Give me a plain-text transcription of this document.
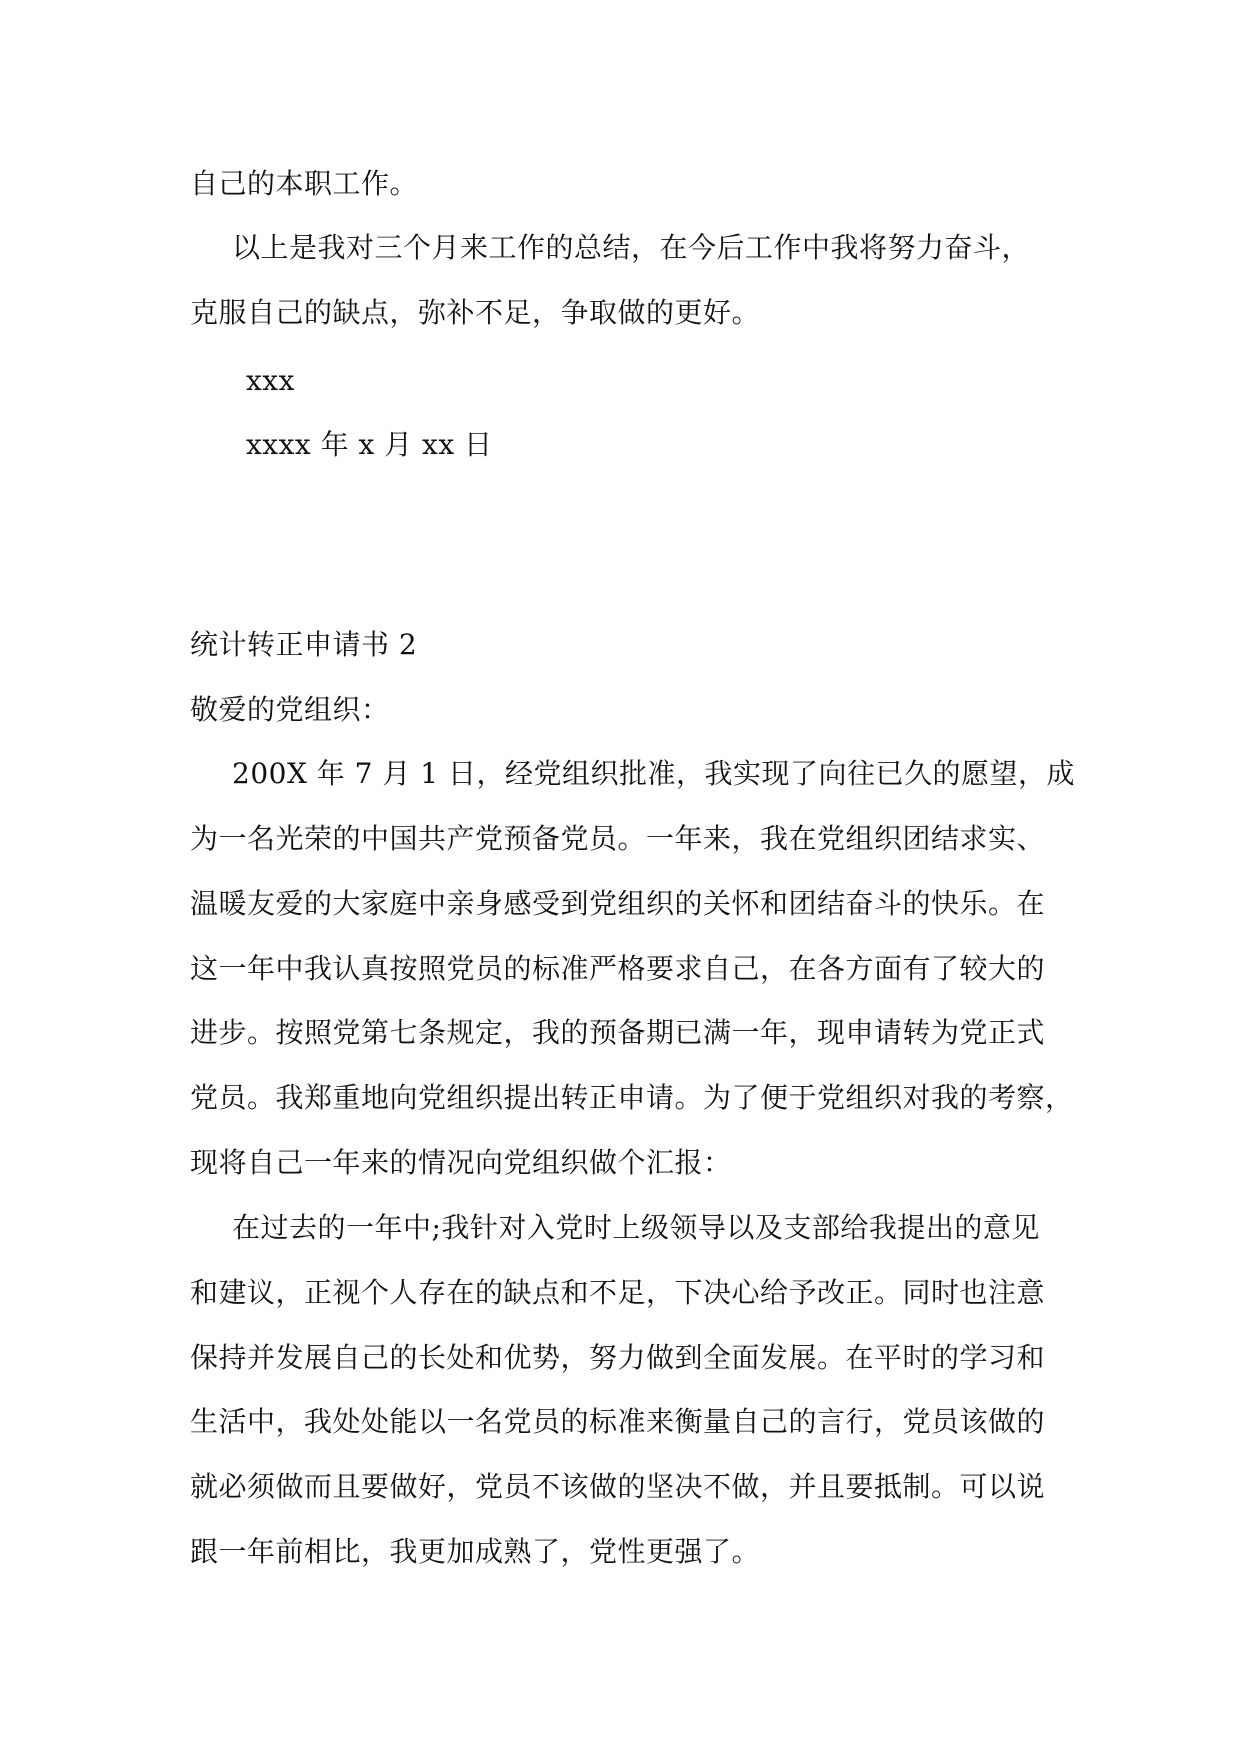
自己的本职工作。
以上是我对三个月来工作的总结，在今后工作中我将努力奋斗，
克服自己的缺点，弥补不足，争取做的更好。
xxx
xxxx 年 x 月 xx 日
统计转正申请书 2
敬爱的党组织：
200X 年 7 月 1 日，经党组织批准，我实现了向往已久的愿望，成
为一名光荣的中国共产党预备党员。一年来，我在党组织团结求实、
温暖友爱的大家庭中亲身感受到党组织的关怀和团结奋斗的快乐。在
这一年中我认真按照党员的标准严格要求自己，在各方面有了较大的
进步。按照党第七条规定，我的预备期已满一年，现申请转为党正式
党员。我郑重地向党组织提出转正申请。为了便于党组织对我的考察，
现将自己一年来的情况向党组织做个汇报：
在过去的一年中;我针对入党时上级领导以及支部给我提出的意见
和建议，正视个人存在的缺点和不足，下决心给予改正。同时也注意
保持并发展自己的长处和优势，努力做到全面发展。在平时的学习和
生活中，我处处能以一名党员的标准来衡量自己的言行，党员该做的
就必须做而且要做好，党员不该做的坚决不做，并且要抵制。可以说
跟一年前相比，我更加成熟了，党性更强了。
